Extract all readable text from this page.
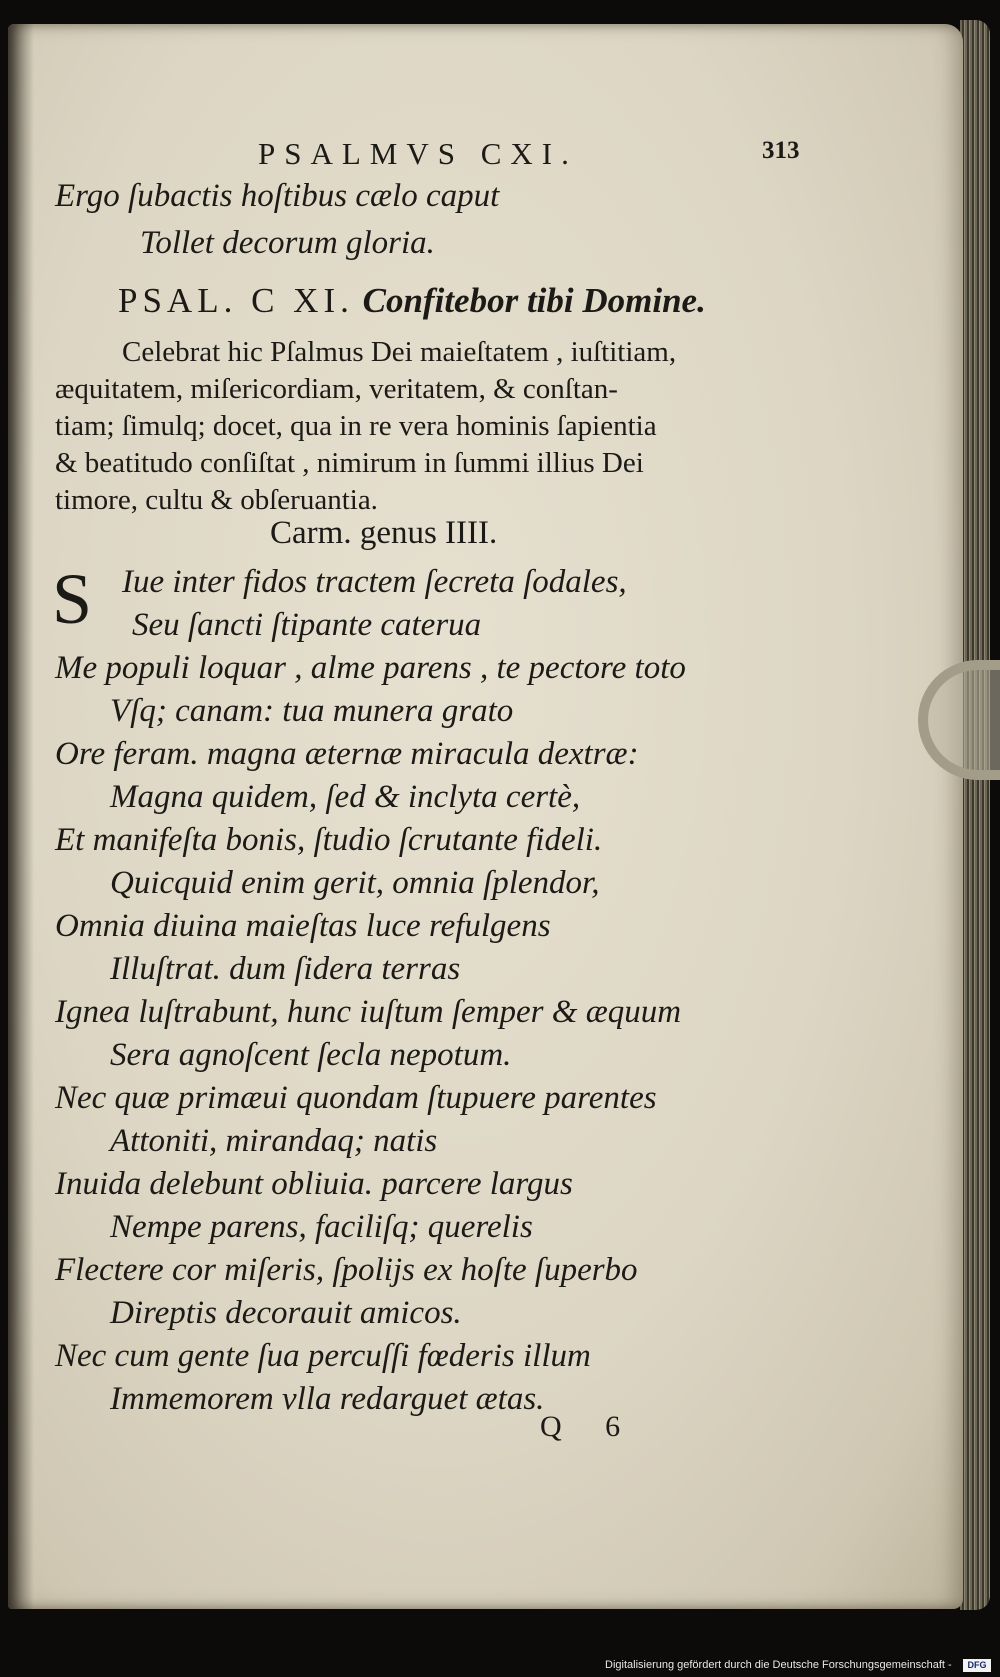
PSALMVS CXI.	313
Ergo ſubactis hoſtibus cælo caput
Tollet decorum gloria.
PSAL. C XI. Confitebor tibi Domine.
Celebrat hic Pſalmus Dei maieſtatem , iuſtitiam,
æquitatem, miſericordiam, veritatem, & conſtan-
tiam; ſimulq; docet, qua in re vera hominis ſapientia
& beatitudo conſiſtat , nimirum in ſummi illius Dei
timore, cultu & obſeruantia.
Carm. genus IIII.
S Iue inter fidos tractem ſecreta ſodales,
Seu ſancti ſtipante caterua
Me populi loquar , alme parens , te pectore toto
Vſq; canam: tua munera grato
Ore feram. magna æternæ miracula dextræ:
Magna quidem, ſed & inclyta certè,
Et manifeſta bonis, ſtudio ſcrutante fideli.
Quicquid enim gerit, omnia ſplendor,
Omnia diuina maieſtas luce refulgens
Illuſtrat. dum ſidera terras
Ignea luſtrabunt, hunc iuſtum ſemper & æquum
Sera agnoſcent ſecla nepotum.
Nec quæ primæui quondam ſtupuere parentes
Attoniti, mirandaq; natis
Inuida delebunt obliuia. parcere largus
Nempe parens, faciliſq; querelis
Flectere cor miſeris, ſpolijs ex hoſte ſuperbo
Direptis decorauit amicos.
Nec cum gente ſua percuſſi fœderis illum
Immemorem vlla redarguet ætas.
Q 6
Digitalisierung gefördert durch die Deutsche Forschungsgemeinschaft -	DFG
